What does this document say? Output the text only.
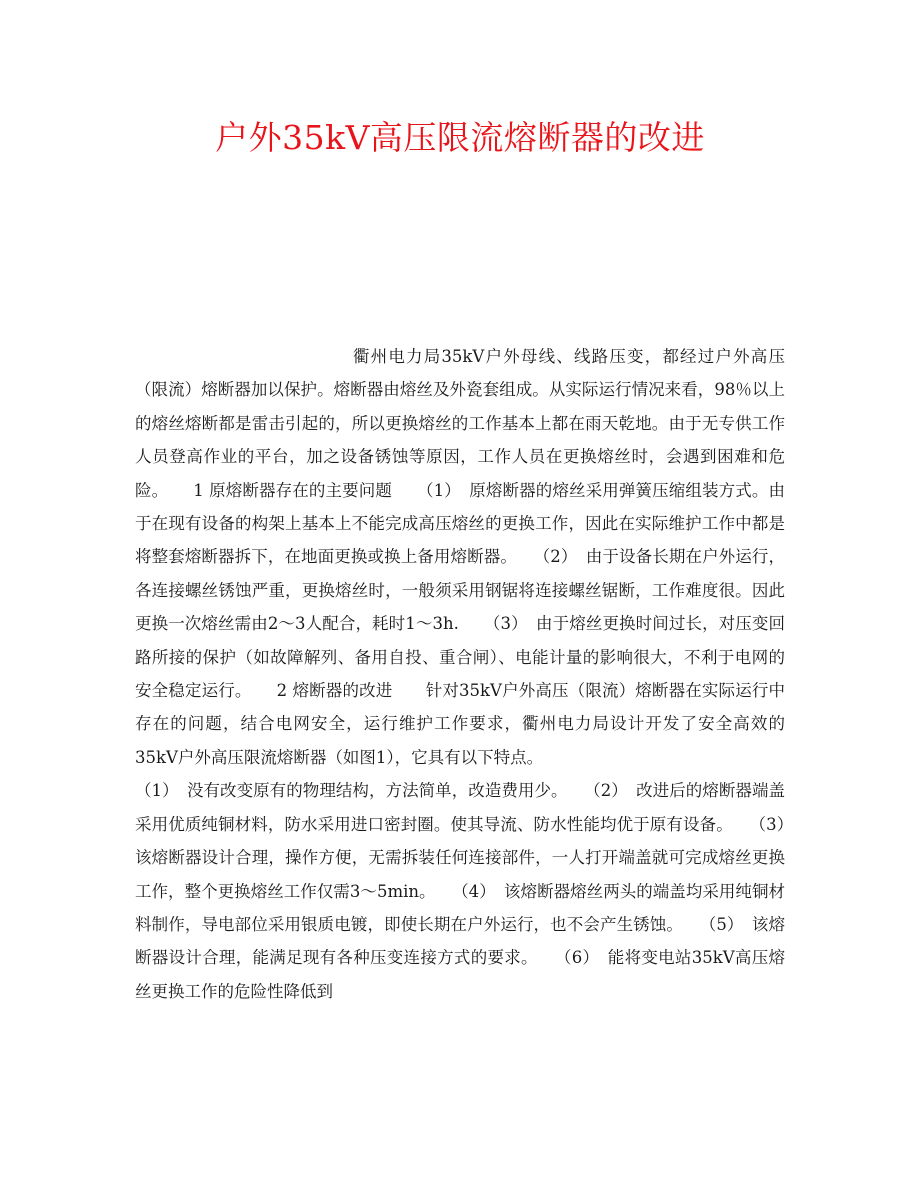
户外35kV高压限流熔断器的改进

衢州电力局35kV户外母线、线路压变，都经过户外高压（限流）熔断器加以保护。熔断器由熔丝及外瓷套组成。从实际运行情况来看，98％以上的熔丝熔断都是雷击引起的，所以更换熔丝的工作基本上都在雨天乾地。由于无专供工作人员登高作业的平台，加之设备锈蚀等原因，工作人员在更换熔丝时，会遇到困难和危险。　　1 原熔断器存在的主要问题　　（1）　原熔断器的熔丝采用弹簧压缩组装方式。由于在现有设备的构架上基本上不能完成高压熔丝的更换工作，因此在实际维护工作中都是将整套熔断器拆下，在地面更换或换上备用熔断器。　　（2）　由于设备长期在户外运行，各连接螺丝锈蚀严重，更换熔丝时，一般须采用钢锯将连接螺丝锯断，工作难度很。因此更换一次熔丝需由2～3人配合，耗时1～3h.　　（3）　由于熔丝更换时间过长，对压变回路所接的保护（如故障解列、备用自投、重合闸）、电能计量的影响很大，不利于电网的安全稳定运行。　　2 熔断器的改进　　针对35kV户外高压（限流）熔断器在实际运行中存在的问题，结合电网安全，运行维护工作要求，衢州电力局设计开发了安全高效的35kV户外高压限流熔断器（如图1），它具有以下特点。

（1）　没有改变原有的物理结构，方法简单，改造费用少。　　（2）　改进后的熔断器端盖采用优质纯铜材料，防水采用进口密封圈。使其导流、防水性能均优于原有设备。　　（3）　该熔断器设计合理，操作方便，无需拆装任何连接部件，一人打开端盖就可完成熔丝更换工作，整个更换熔丝工作仅需3～5min。　　（4）　该熔断器熔丝两头的端盖均采用纯铜材料制作，导电部位采用银质电镀，即使长期在户外运行，也不会产生锈蚀。　　（5）　该熔断器设计合理，能满足现有各种压变连接方式的要求。　　（6）　能将变电站35kV高压熔丝更换工作的危险性降低到
